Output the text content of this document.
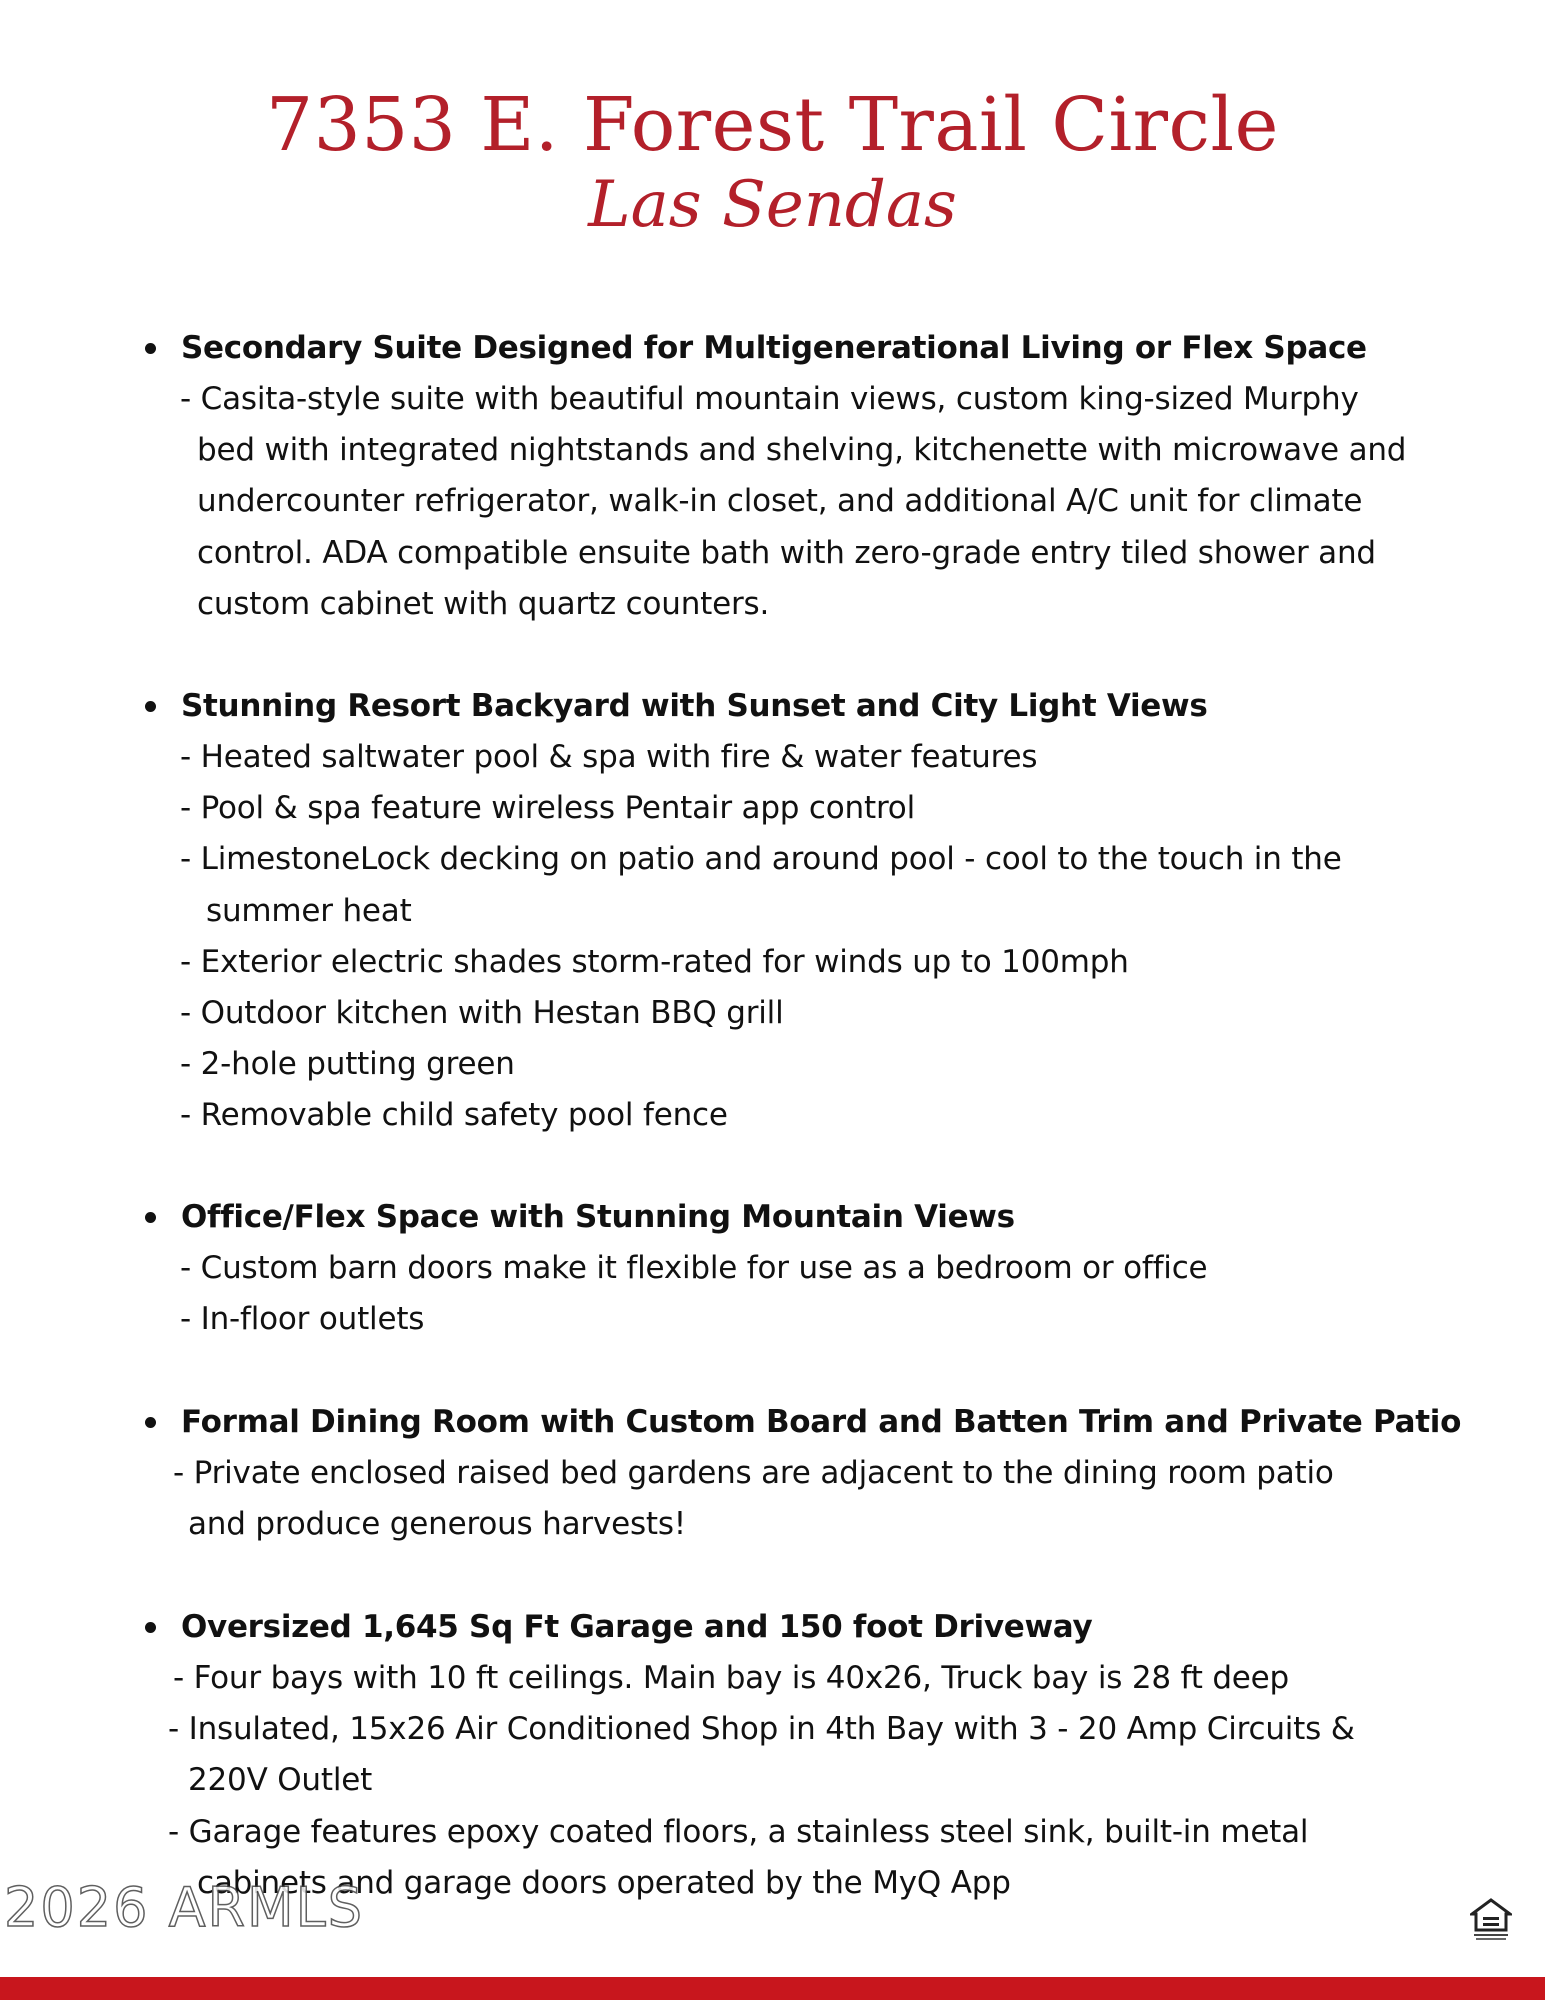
7353 E. Forest Trail Circle
Las Sendas
Secondary Suite Designed for Multigenerational Living or Flex Space
- Casita-style suite with beautiful mountain views, custom king-sized Murphy
bed with integrated nightstands and shelving, kitchenette with microwave and
undercounter refrigerator, walk-in closet, and additional A/C unit for climate
control. ADA compatible ensuite bath with zero-grade entry tiled shower and
custom cabinet with quartz counters.
Stunning Resort Backyard with Sunset and City Light Views
- Heated saltwater pool & spa with fire & water features
- Pool & spa feature wireless Pentair app control
- LimestoneLock decking on patio and around pool - cool to the touch in the
summer heat
- Exterior electric shades storm-rated for winds up to 100mph
- Outdoor kitchen with Hestan BBQ grill
- 2-hole putting green
- Removable child safety pool fence
Office/Flex Space with Stunning Mountain Views
- Custom barn doors make it flexible for use as a bedroom or office
- In-floor outlets
Formal Dining Room with Custom Board and Batten Trim and Private Patio
- Private enclosed raised bed gardens are adjacent to the dining room patio
and produce generous harvests!
Oversized 1,645 Sq Ft Garage and 150 foot Driveway
- Four bays with 10 ft ceilings. Main bay is 40x26, Truck bay is 28 ft deep
- Insulated, 15x26 Air Conditioned Shop in 4th Bay with 3 - 20 Amp Circuits &
220V Outlet
- Garage features epoxy coated floors, a stainless steel sink, built-in metal
cabinets and garage doors operated by the MyQ App
2026 ARMLS
